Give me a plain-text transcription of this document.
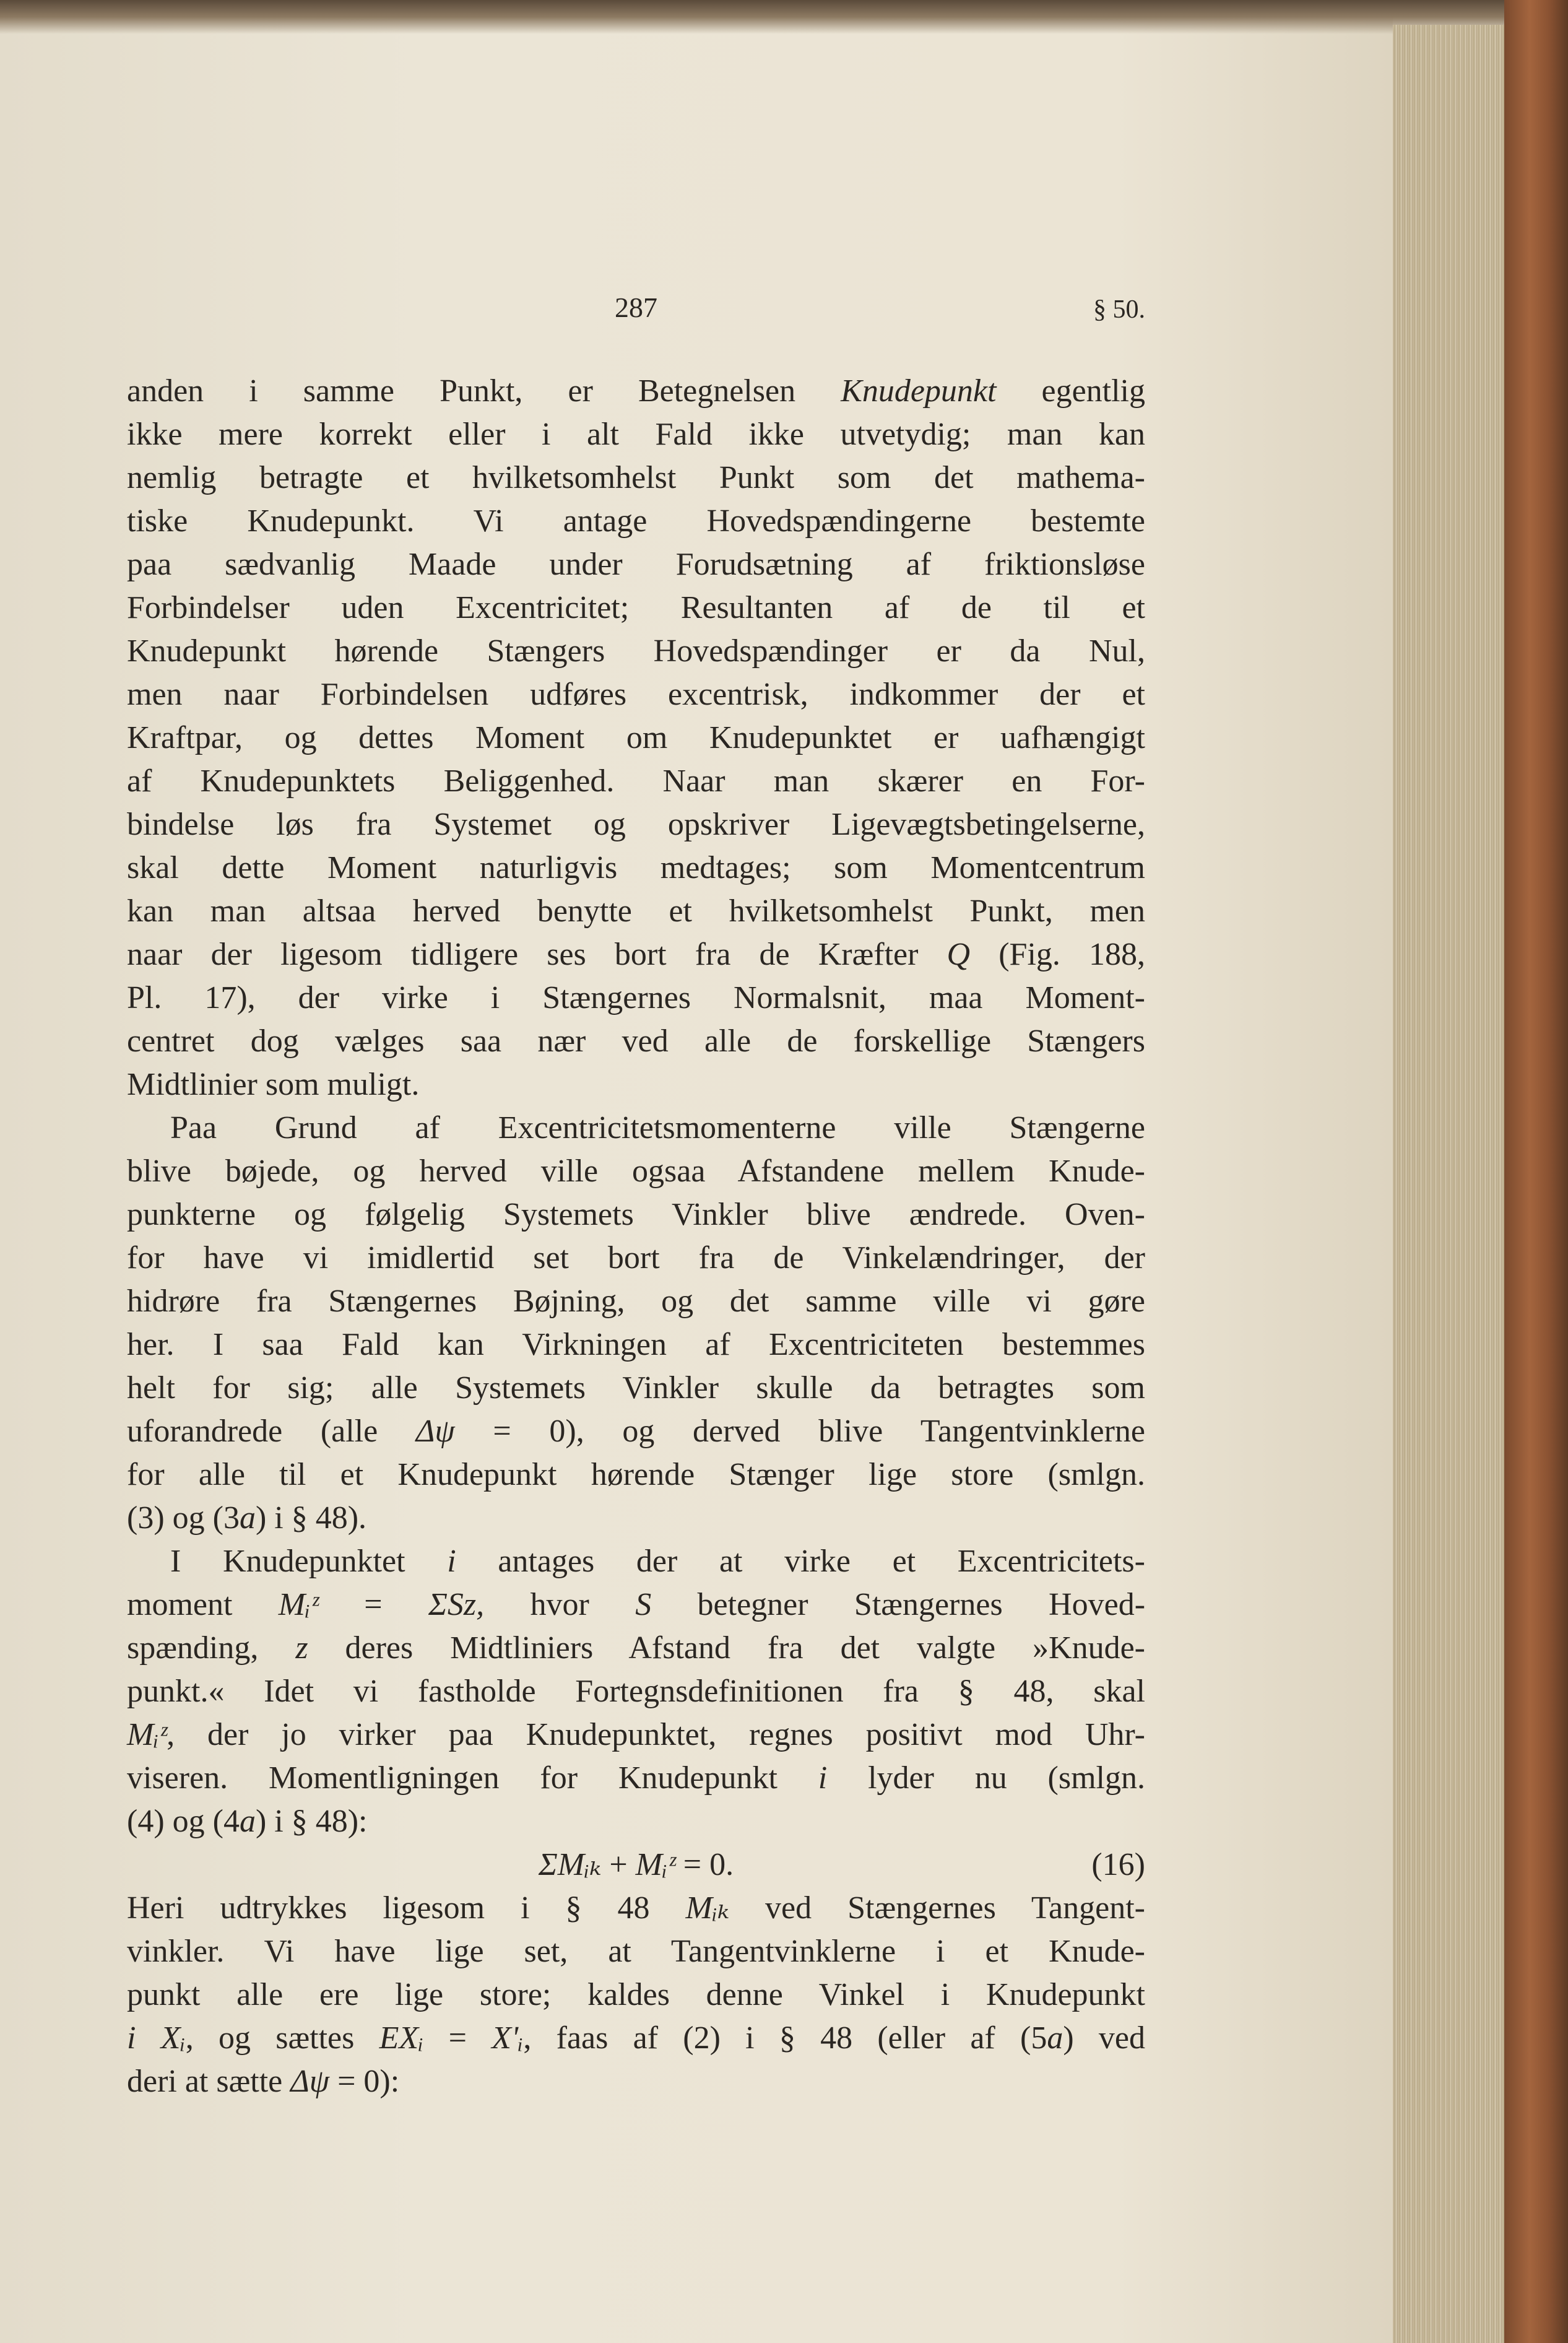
287	§ 50.
anden i samme Punkt, er Betegnelsen Knudepunkt egentlig
ikke mere korrekt eller i alt Fald ikke utvetydig; man kan
nemlig betragte et hvilketsomhelst Punkt som det mathema-
tiske Knudepunkt. Vi antage Hovedspændingerne bestemte
paa sædvanlig Maade under Forudsætning af friktionsløse
Forbindelser uden Excentricitet; Resultanten af de til et
Knudepunkt hørende Stængers Hovedspændinger er da Nul,
men naar Forbindelsen udføres excentrisk, indkommer der et
Kraftpar, og dettes Moment om Knudepunktet er uafhængigt
af Knudepunktets Beliggenhed. Naar man skærer en For-
bindelse løs fra Systemet og opskriver Ligevægtsbetingelserne,
skal dette Moment naturligvis medtages; som Momentcentrum
kan man altsaa herved benytte et hvilketsomhelst Punkt, men
naar der ligesom tidligere ses bort fra de Kræfter Q (Fig. 188,
Pl. 17), der virke i Stængernes Normalsnit, maa Moment-
centret dog vælges saa nær ved alle de forskellige Stængers
Midtlinier som muligt.
Paa Grund af Excentricitetsmomenterne ville Stængerne
blive bøjede, og herved ville ogsaa Afstandene mellem Knude-
punkterne og følgelig Systemets Vinkler blive ændrede. Oven-
for have vi imidlertid set bort fra de Vinkelændringer, der
hidrøre fra Stængernes Bøjning, og det samme ville vi gøre
her. I saa Fald kan Virkningen af Excentriciteten bestemmes
helt for sig; alle Systemets Vinkler skulle da betragtes som
uforandrede (alle Δψ = 0), og derved blive Tangentvinklerne
for alle til et Knudepunkt hørende Stænger lige store (smlgn.
(3) og (3a) i § 48).
I Knudepunktet i antages der at virke et Excentricitets-
moment Mᵢᶻ = ΣSz, hvor S betegner Stængernes Hoved-
spænding, z deres Midtliniers Afstand fra det valgte »Knude-
punkt.« Idet vi fastholde Fortegnsdefinitionen fra § 48, skal
Mᵢᶻ, der jo virker paa Knudepunktet, regnes positivt mod Uhr-
viseren. Momentligningen for Knudepunkt i lyder nu (smlgn.
(4) og (4a) i § 48):
ΣMᵢₖ + Mᵢᶻ = 0.	(16)
Heri udtrykkes ligesom i § 48 Mᵢₖ ved Stængernes Tangent-
vinkler. Vi have lige set, at Tangentvinklerne i et Knude-
punkt alle ere lige store; kaldes denne Vinkel i Knudepunkt
i Xᵢ, og sættes EXᵢ = X'ᵢ, faas af (2) i § 48 (eller af (5a) ved
deri at sætte Δψ = 0):
